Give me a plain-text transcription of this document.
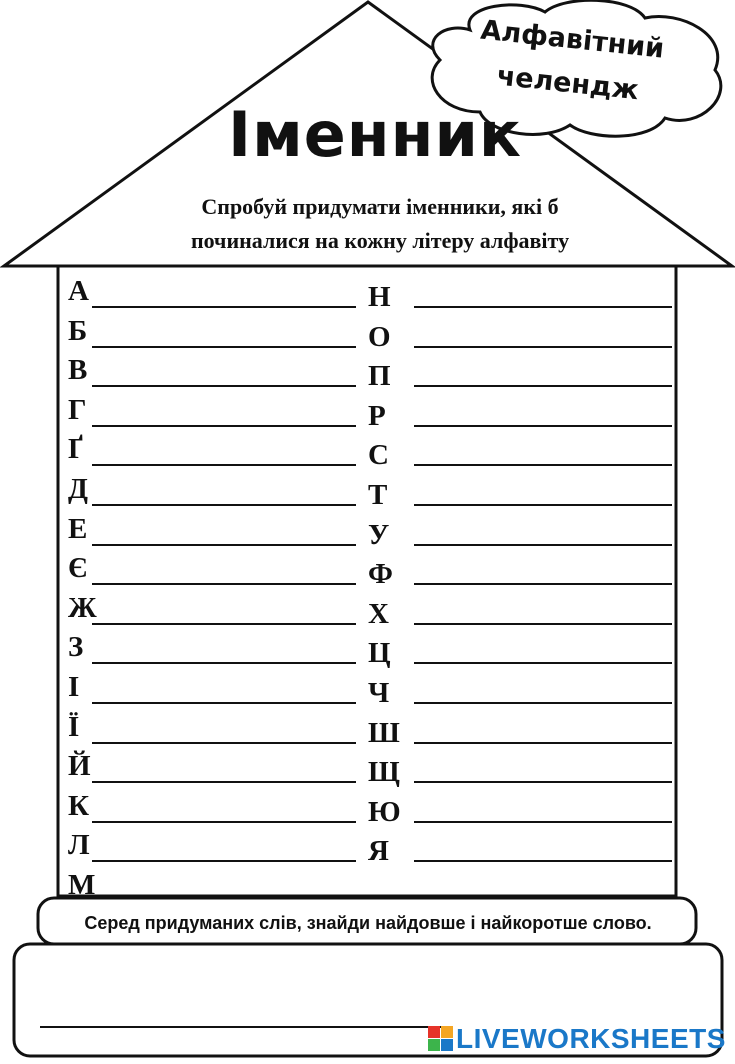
Алфавітний
челендж
Іменник
Спробуй придумати іменники, які б
починалися на кожну літеру алфавіту
А
Б
В
Г
Ґ
Д
Е
Є
Ж
З
І
Ї
Й
К
Л
М
Н
О
П
Р
С
Т
У
Ф
Х
Ц
Ч
Ш
Щ
Ю
Я
Серед придуманих слів, знайди найдовше і найкоротше слово.
LIVEWORKSHEETS
